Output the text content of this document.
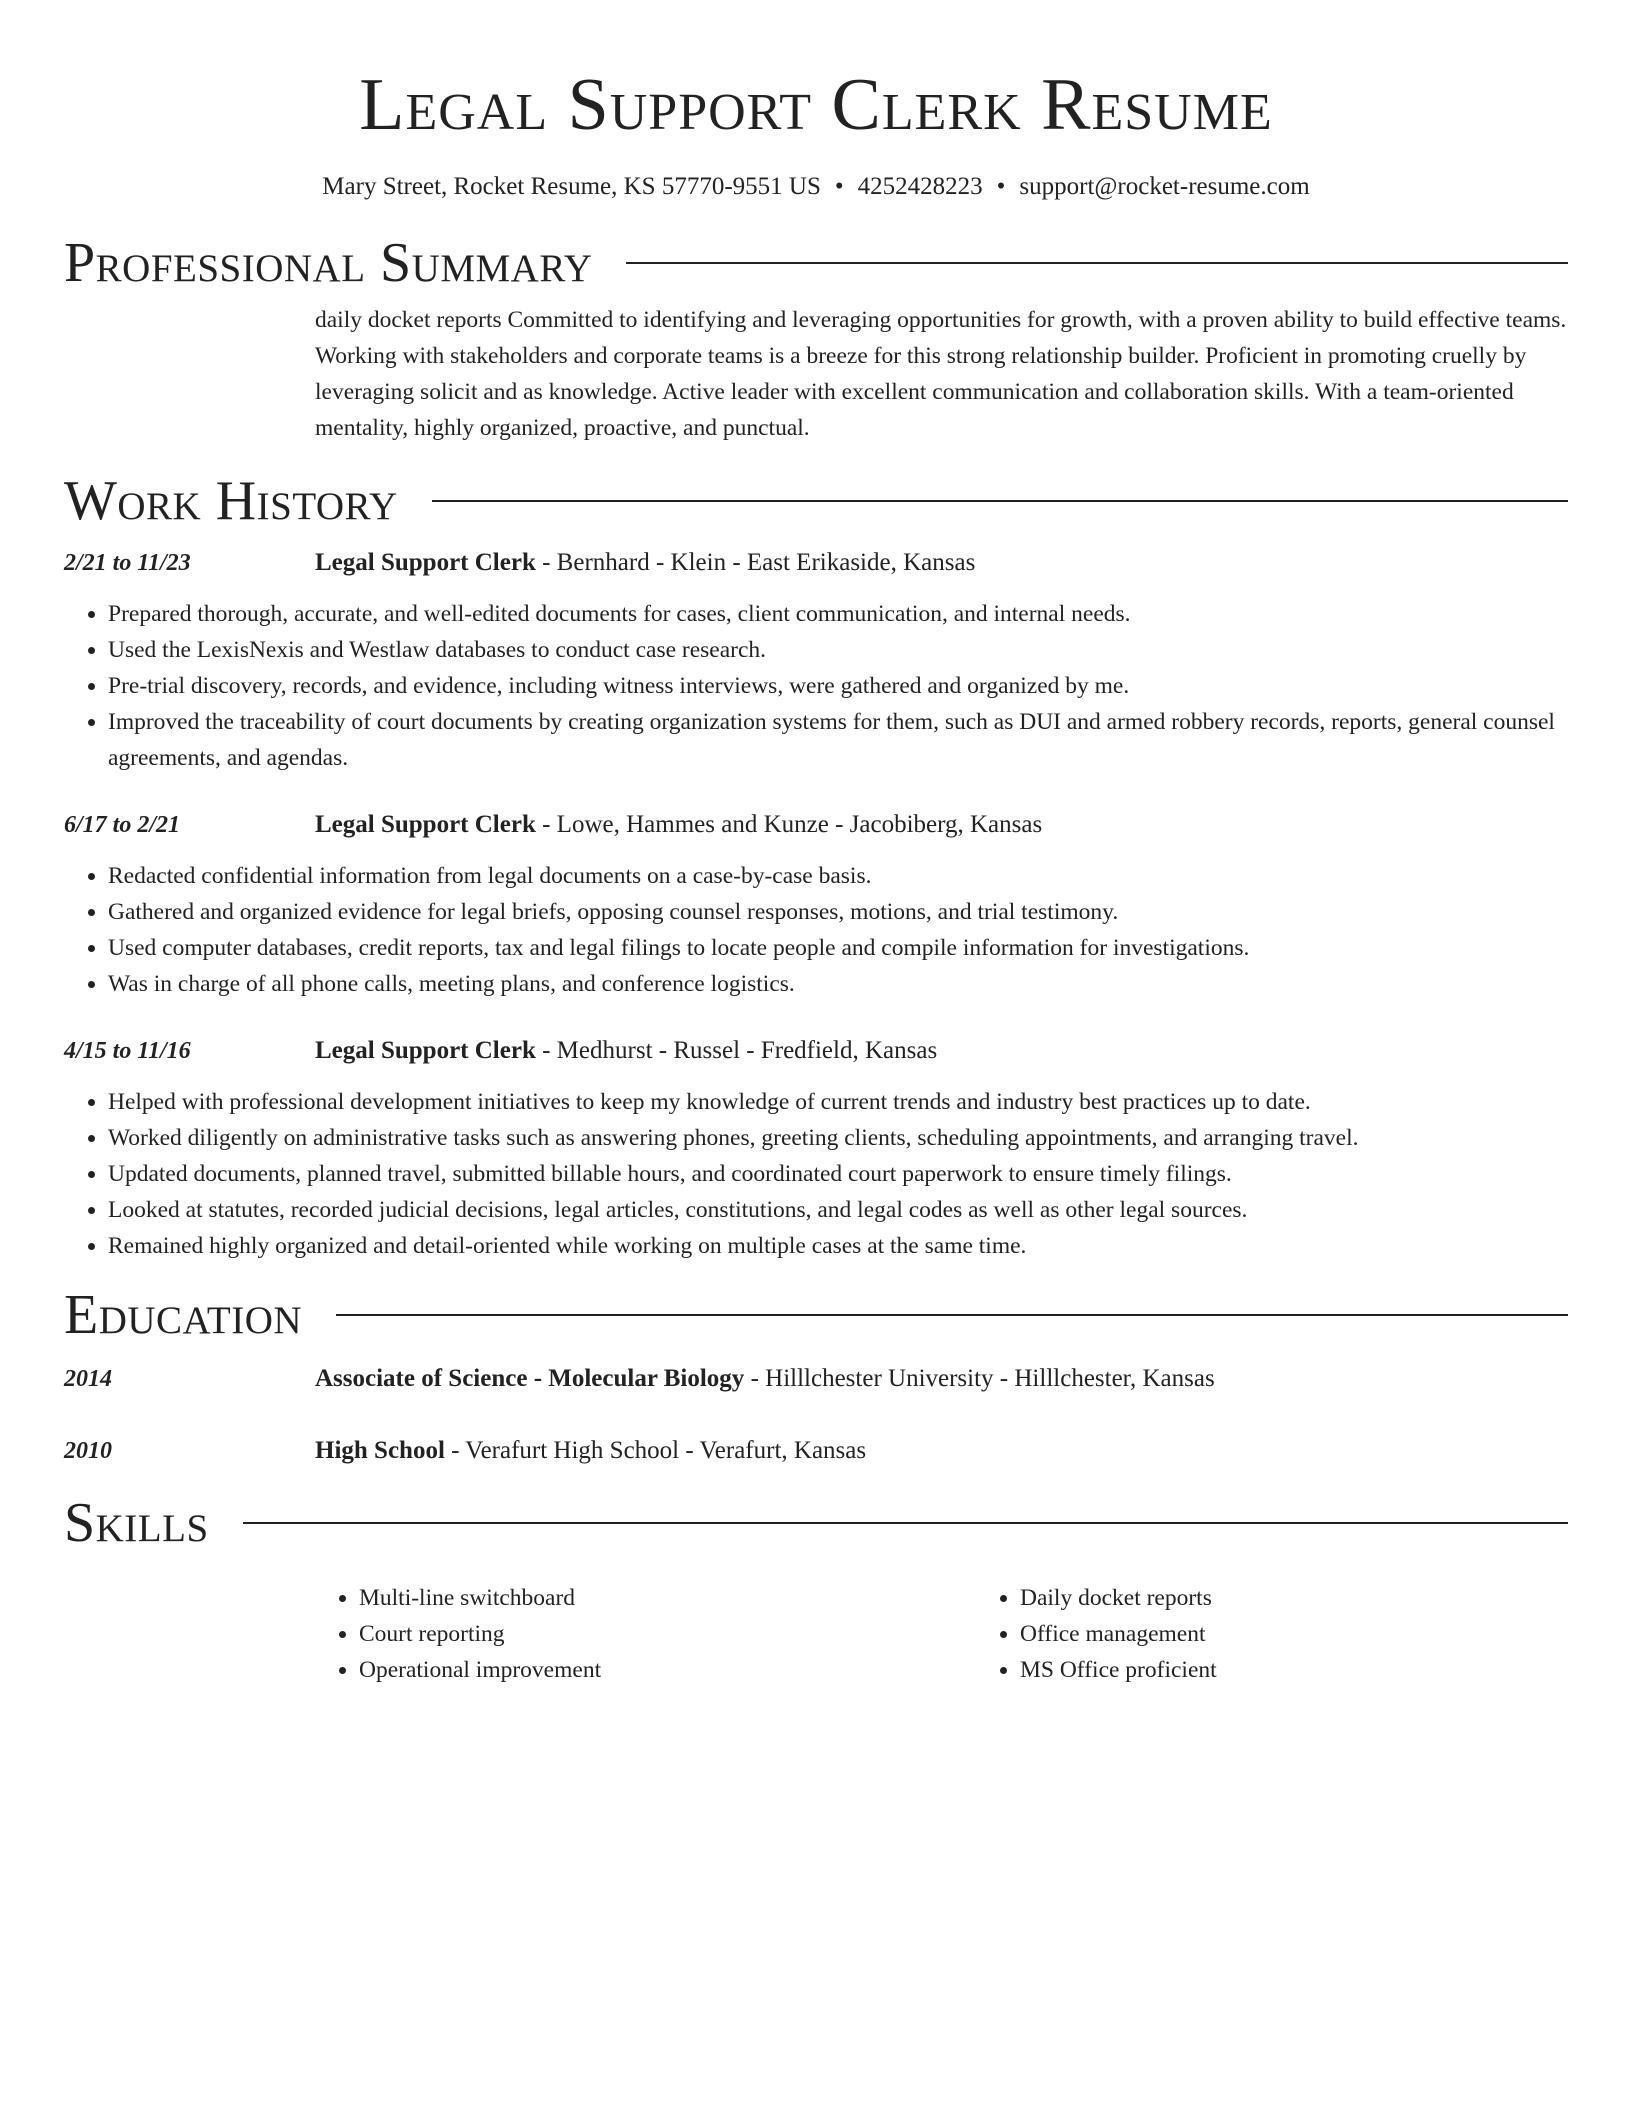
Legal Support Clerk Resume
Mary Street, Rocket Resume, KS 57770-9551 US • 4252428223 • support@rocket-resume.com
Professional Summary
daily docket reports Committed to identifying and leveraging opportunities for growth, with a proven ability to build effective teams. Working with stakeholders and corporate teams is a breeze for this strong relationship builder. Proficient in promoting cruelly by leveraging solicit and as knowledge. Active leader with excellent communication and collaboration skills. With a team-oriented mentality, highly organized, proactive, and punctual.
Work History
2/21 to 11/23	Legal Support Clerk - Bernhard - Klein - East Erikaside, Kansas
• Prepared thorough, accurate, and well-edited documents for cases, client communication, and internal needs.
• Used the LexisNexis and Westlaw databases to conduct case research.
• Pre-trial discovery, records, and evidence, including witness interviews, were gathered and organized by me.
• Improved the traceability of court documents by creating organization systems for them, such as DUI and armed robbery records, reports, general counsel agreements, and agendas.
6/17 to 2/21	Legal Support Clerk - Lowe, Hammes and Kunze - Jacobiberg, Kansas
• Redacted confidential information from legal documents on a case-by-case basis.
• Gathered and organized evidence for legal briefs, opposing counsel responses, motions, and trial testimony.
• Used computer databases, credit reports, tax and legal filings to locate people and compile information for investigations.
• Was in charge of all phone calls, meeting plans, and conference logistics.
4/15 to 11/16	Legal Support Clerk - Medhurst - Russel - Fredfield, Kansas
• Helped with professional development initiatives to keep my knowledge of current trends and industry best practices up to date.
• Worked diligently on administrative tasks such as answering phones, greeting clients, scheduling appointments, and arranging travel.
• Updated documents, planned travel, submitted billable hours, and coordinated court paperwork to ensure timely filings.
• Looked at statutes, recorded judicial decisions, legal articles, constitutions, and legal codes as well as other legal sources.
• Remained highly organized and detail-oriented while working on multiple cases at the same time.
Education
2014	Associate of Science - Molecular Biology - Hilllchester University - Hilllchester, Kansas
2010	High School - Verafurt High School - Verafurt, Kansas
Skills
• Multi-line switchboard
• Court reporting
• Operational improvement
• Daily docket reports
• Office management
• MS Office proficient
